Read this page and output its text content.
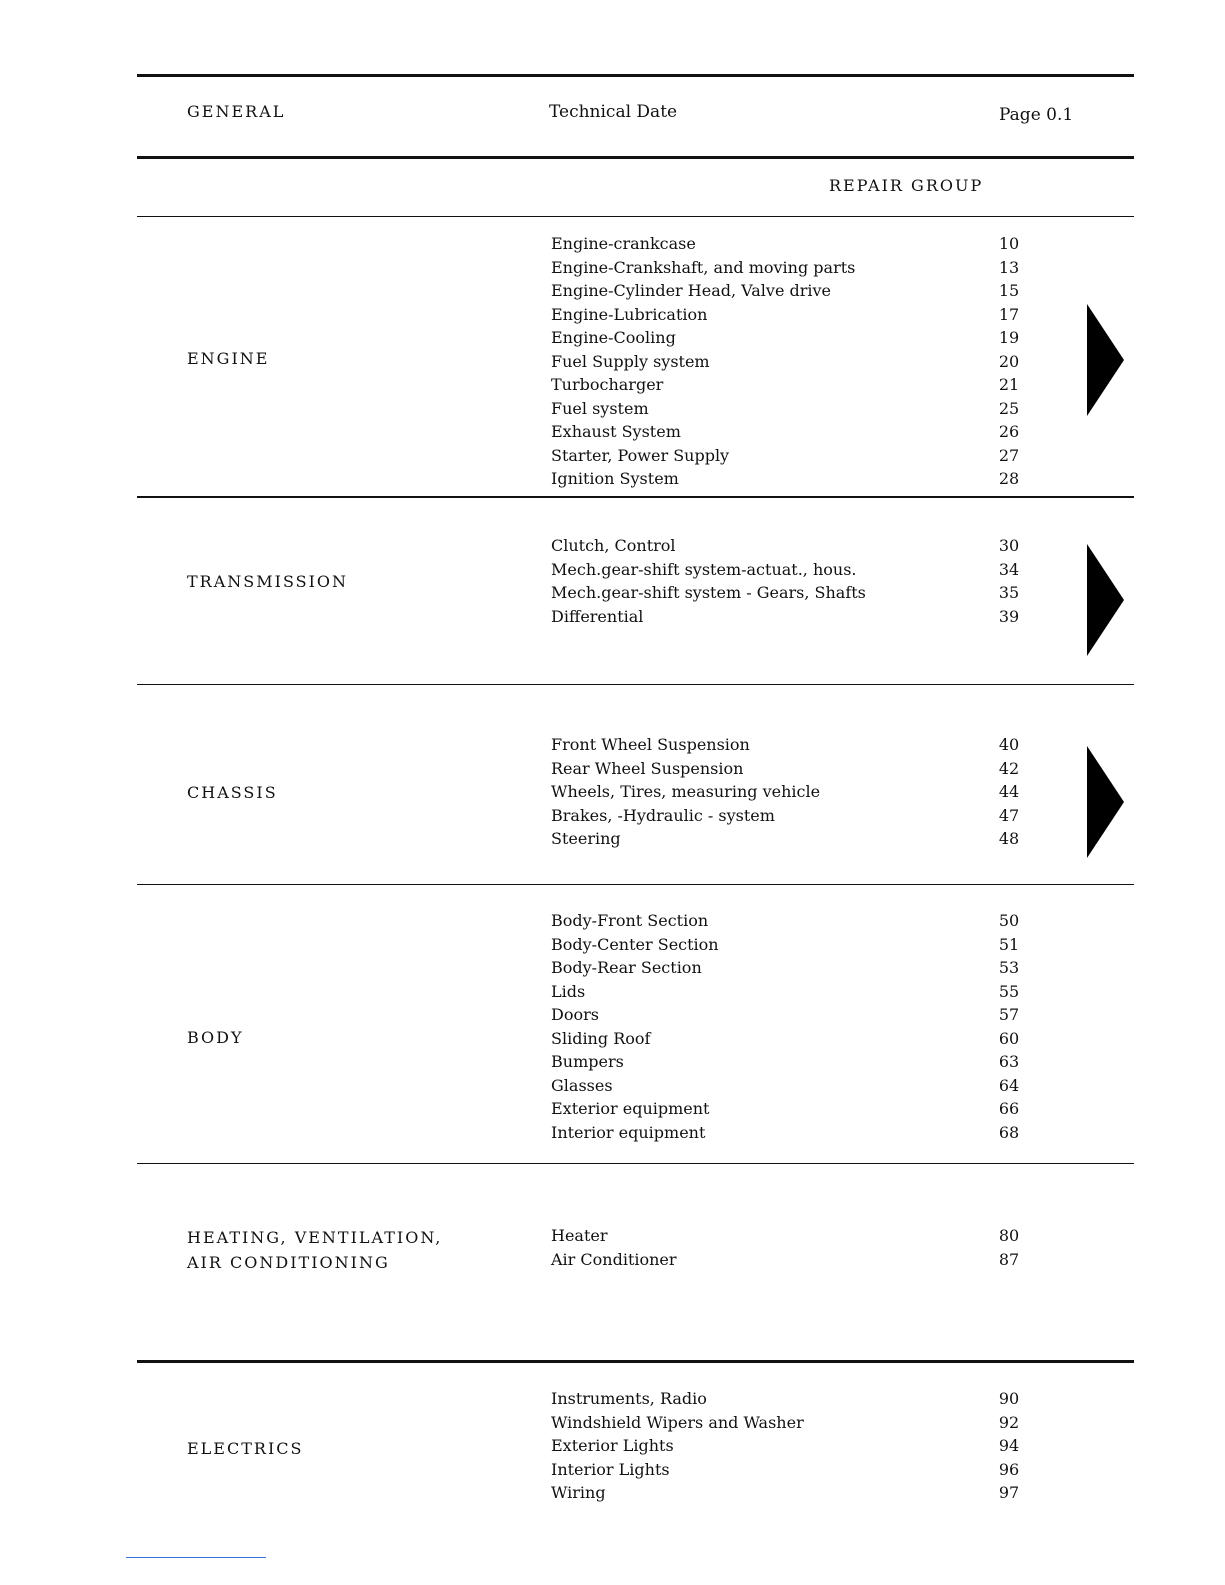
GENERAL	Technical Date	Page 0.1
REPAIR GROUP
ENGINE
Engine-crankcase	10
Engine-Crankshaft, and moving parts	13
Engine-Cylinder Head, Valve drive	15
Engine-Lubrication	17
Engine-Cooling	19
Fuel Supply system	20
Turbocharger	21
Fuel system	25
Exhaust System	26
Starter, Power Supply	27
Ignition System	28
TRANSMISSION
Clutch, Control	30
Mech.gear-shift system-actuat., hous.	34
Mech.gear-shift system - Gears, Shafts	35
Differential	39
CHASSIS
Front Wheel Suspension	40
Rear Wheel Suspension	42
Wheels, Tires, measuring vehicle	44
Brakes, -Hydraulic - system	47
Steering	48
BODY
Body-Front Section	50
Body-Center Section	51
Body-Rear Section	53
Lids	55
Doors	57
Sliding Roof	60
Bumpers	63
Glasses	64
Exterior equipment	66
Interior equipment	68
HEATING, VENTILATION,
AIR CONDITIONING
Heater	80
Air Conditioner	87
ELECTRICS
Instruments, Radio	90
Windshield Wipers and Washer	92
Exterior Lights	94
Interior Lights	96
Wiring	97
